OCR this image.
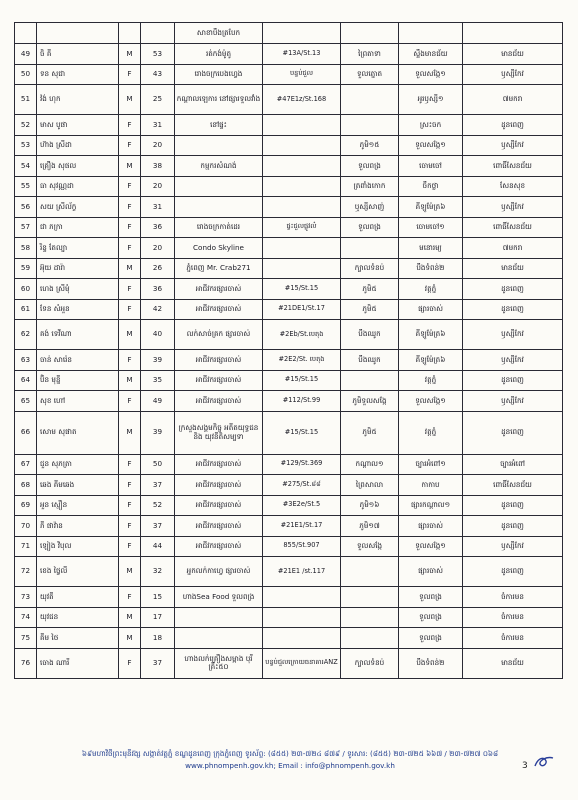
				សាខាបឹងត្របែក				
49	ចិ គី	M	53	រត់កង់ម៉ូតូ	#13A/St.13	ព្រៃតាទា	ស្ទឹងមានជ័យ	មានជ័យ
50	ទន សុជា	F	43	រោងចក្របេងហ្វេង	បន្ទប់ជួល	ទួលត្នោត	ទួលសង្កែ១	ឫស្សីកែវ
51	វ៉ង់ ហុក	M	25	កណ្ដាលឡេការ នៅផ្សារទួលវាំង	#47E1z/St.168		អូរឫស្សី១	៧មករា
52	មាស បូផា	F	31	នៅផ្ទះ			ស្រះចក	ដូនពេញ
53	ហ៊ាង ស្រីដា	F	20			ភូមិ១៥	ទួលសង្កែ១	ឫស្សីកែវ
54	គ្រឿង សុផល	M	38	កម្មករសំណង់		ទួលពង្រ	ចោមចៅ	ពោធិ៍សែនជ័យ
55	ធា សុវណ្ណដា	F	20			ត្រពាំងកោក	ចឹកថ្លា	សែនសុខ
56	សយ ស្រីល័ក្ខ	F	31			ឬស្សីសាញ់	គីឡូម៉ែត្រ៦	ឫស្សីកែវ
57	ជា ភក្រា	F	36	រោងចក្រកាត់ដេរ	ផ្ទះជួលផ្លូវលំ	ទួលពង្រ	ចោមចៅ១	ពោធិ៍សែនជ័យ
58	រិន្ទ តែល្បា	F	20	Condo Skyline			មនោរម្យ	៧មករា
59	អ៊ុយ ដារ៉ា	M	26	ភ្នំពេញ Mr. Crab271		ក្បាលទំនប់	បឹងទំពន់២	មានជ័យ
60	ហេង ស្រីមុំ	F	36	អាជីវករផ្សារចាស់	#15/St.15	ភូមិ៥	វត្តភ្នំ	ដូនពេញ
61	ទែន សំអួន	F	42	អាជីវករផ្សារចាស់	#21DE1/St.17	ភូមិ៥	ផ្សារចាស់	ដូនពេញ
62	គង់ ទេវីណា	M	40	លក់សាច់គ្រក ផ្សារចាស់	#2Eb/St.បេតុង	បឹងឈូក	គីឡូម៉ែត្រ៦	ឫស្សីកែវ
63	ចាន់ សារ៉េន	F	39	អាជីវករផ្សារចាស់	#2E2/St. បេតុង	បឹងឈូក	គីឡូម៉ែត្រ៦	ឫស្សីកែវ
64	ប៊ិន មុន្នី	M	35	អាជីវករផ្សារចាស់	#15/St.15		វត្តភ្នំ	ដូនពេញ
65	សុខ ហៅ	F	49	អាជីវករផ្សារចាស់	#112/St.99	ភូមិទួលសង្កែ	ទួលសង្កែ១	ឫស្សីកែវ
66	សោម សុផាត	M	39	ក្រសួងសង្គមកិច្ច អតីតយុទ្ធជន និង យុវនីតិសម្បទា	#15/St.15	ភូមិ៥	វត្តភ្នំ	ដូនពេញ
67	ជួន សុភត្រា	F	50	អាជីវករផ្សារចាស់	#129/St.369	កណ្ដាល១	ច្បារអំពៅ១	ច្បារអំពៅ
68	ឆេង គីមឆេង	F	37	អាជីវករផ្សារចាស់	#275/St.៨៨	ព្រៃសាលា	កាកាប	ពោធិ៍សែនជ័យ
69	អួន ស្មឿន	F	52	អាជីវករផ្សារចាស់	#3E2e/St.5	ភូមិ១៦	ផ្សារកណ្ដាល១	ដូនពេញ
70	ភី ផាវ៉ាន	F	37	អាជីវករផ្សារចាស់	#21E1/St.17	ភូមិ១៧	ផ្សារចាស់	ដូនពេញ
71	ឡៀង វិបុល	F	44	អាជីវករផ្សារចាស់	855/St.907	ទួលសង្កែ	ទួលសង្កែ១	ឫស្សីកែវ
72	ខេង ថ្វៃលី	M	32	អ្នកលក់កាហ្វេ ផ្សារចាស់	#21E1 /st.117		ផ្សារចាស់	ដូនពេញ
73	យុវតី	F	15	ហាងSea Food ទួលពង្រ			ទួលពង្រ	ចំការមន
74	យុវជន	M	17				ទួលពង្រ	ចំការមន
75	គីម ថៃ	M	18				ទួលពង្រ	ចំការមន
76	ចោង ណារី	F	37	ហាងលក់គ្រឿងសម្អាង បុរីគ្រឹះ៥០	បន្ទប់ជួលក្រោយធនាគារANZ	ក្បាលទំនប់	បឹងទំពន់២	មានជ័យ
៦៩មហាវិថីព្រះមុនីវង្ស សង្កាត់វត្តភ្នំ ខណ្ឌដូនពេញ ក្រុងភ្នំពេញ ទូរស័ព្ទ: (៨៥៥) ២៣-៧២៤ ៨៧៩ / ទូរសារ: (៨៥៥) ២៣-៧២៥ ៦៦៧ / ២៣-៧២៧ ០៦៨
www.phnompenh.gov.kh; Email : info@phnompenh.gov.kh	3
